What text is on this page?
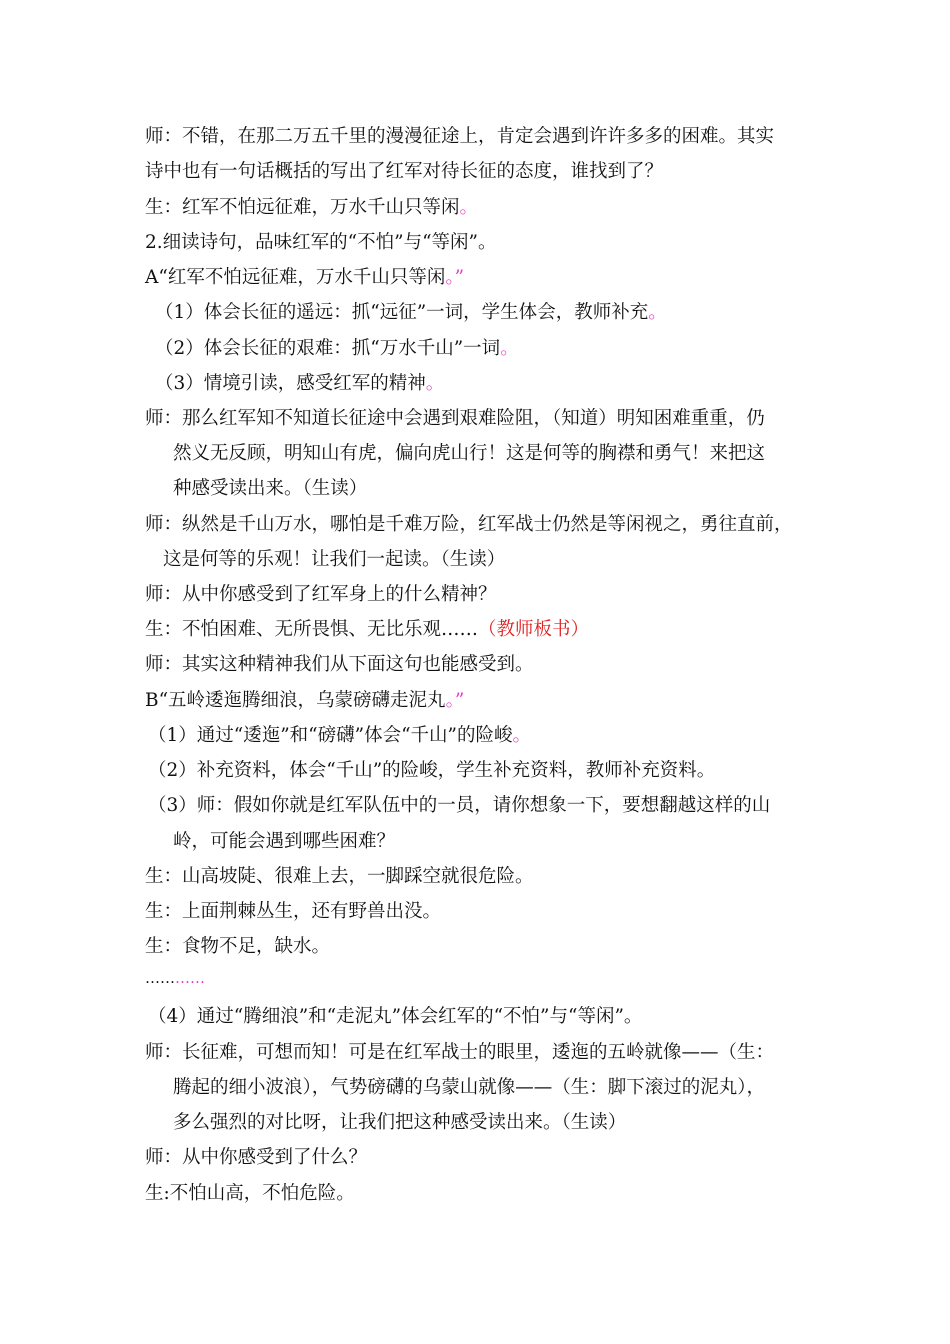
师：不错，在那二万五千里的漫漫征途上，肯定会遇到许许多多的困难。其实
诗中也有一句话概括的写出了红军对待长征的态度，谁找到了？
生：红军不怕远征难，万水千山只等闲。
2.细读诗句，品味红军的“不怕”与“等闲”。
A“红军不怕远征难，万水千山只等闲。”
（1）体会长征的遥远：抓“远征”一词，学生体会，教师补充。
（2）体会长征的艰难：抓“万水千山”一词。
（3）情境引读，感受红军的精神。
师：那么红军知不知道长征途中会遇到艰难险阻，（知道）明知困难重重，仍
然义无反顾，明知山有虎，偏向虎山行！这是何等的胸襟和勇气！来把这
种感受读出来。（生读）
师：纵然是千山万水，哪怕是千难万险，红军战士仍然是等闲视之，勇往直前，
这是何等的乐观！让我们一起读。（生读）
师：从中你感受到了红军身上的什么精神？
生：不怕困难、无所畏惧、无比乐观……（教师板书）
师：其实这种精神我们从下面这句也能感受到。
B“五岭逶迤腾细浪，乌蒙磅礴走泥丸。”
（1）通过“逶迤”和“磅礴”体会“千山”的险峻。
（2）补充资料，体会“千山”的险峻，学生补充资料，教师补充资料。
（3）师：假如你就是红军队伍中的一员，请你想象一下，要想翻越这样的山
岭，可能会遇到哪些困难？
生：山高坡陡、很难上去，一脚踩空就很危险。
生：上面荆棘丛生，还有野兽出没。
生：食物不足，缺水。
…………
（4）通过“腾细浪”和“走泥丸”体会红军的“不怕”与“等闲”。
师：长征难，可想而知！可是在红军战士的眼里，逶迤的五岭就像——（生：
腾起的细小波浪），气势磅礴的乌蒙山就像——（生：脚下滚过的泥丸），
多么强烈的对比呀，让我们把这种感受读出来。（生读）
师：从中你感受到了什么？
生:不怕山高，不怕危险。
